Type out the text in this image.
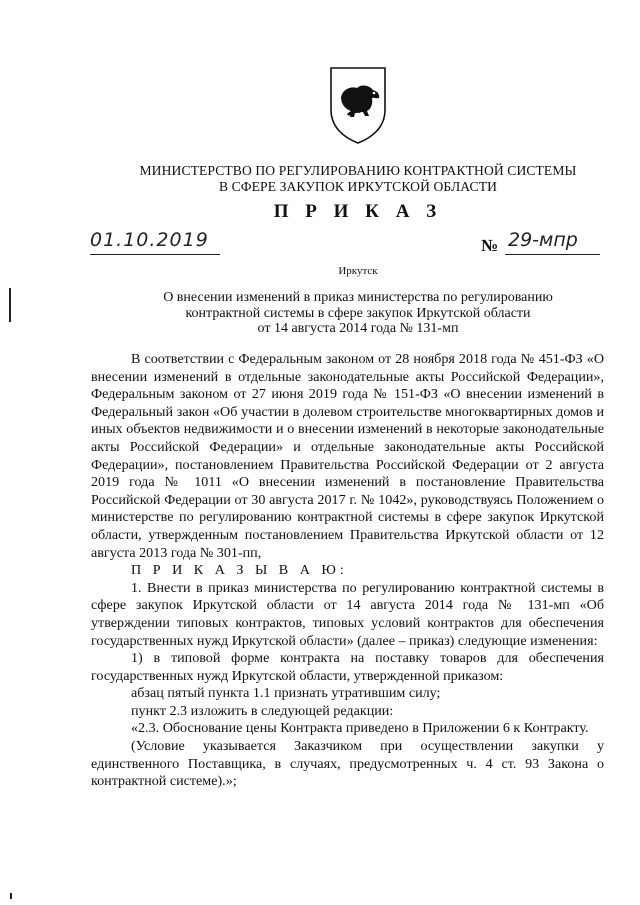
МИНИСТЕРСТВО ПО РЕГУЛИРОВАНИЮ КОНТРАКТНОЙ СИСТЕМЫ
В СФЕРЕ ЗАКУПОК ИРКУТСКОЙ ОБЛАСТИ
П Р И К А З
01.10.2019	№ 29-мпр
Иркутск
О внесении изменений в приказ министерства по регулированию
контрактной системы в сфере закупок Иркутской области
от 14 августа 2014 года № 131-мп

В соответствии с Федеральным законом от 28 ноября 2018 года № 451-ФЗ «О внесении изменений в отдельные законодательные акты Российской Федерации», Федеральным законом от 27 июня 2019 года № 151-ФЗ «О внесении изменений в Федеральный закон «Об участии в долевом строительстве многоквартирных домов и иных объектов недвижимости и о внесении изменений в некоторые законодательные акты Российской Федерации» и отдельные законодательные акты Российской Федерации», постановлением Правительства Российской Федерации от 2 августа 2019 года № 1011 «О внесении изменений в постановление Правительства Российской Федерации от 30 августа 2017 г. № 1042», руководствуясь Положением о министерстве по регулированию контрактной системы в сфере закупок Иркутской области, утвержденным постановлением Правительства Иркутской области от 12 августа 2013 года № 301-пп,

П Р И К А З Ы В А Ю:

1. Внести в приказ министерства по регулированию контрактной системы в сфере закупок Иркутской области от 14 августа 2014 года № 131-мп «Об утверждении типовых контрактов, типовых условий контрактов для обеспечения государственных нужд Иркутской области» (далее – приказ) следующие изменения:

1) в типовой форме контракта на поставку товаров для обеспечения государственных нужд Иркутской области, утвержденной приказом:

абзац пятый пункта 1.1 признать утратившим силу;

пункт 2.3 изложить в следующей редакции:

«2.3. Обоснование цены Контракта приведено в Приложении 6 к Контракту.

(Условие указывается Заказчиком при осуществлении закупки у единственного Поставщика, в случаях, предусмотренных ч. 4 ст. 93 Закона о контрактной системе).»;
